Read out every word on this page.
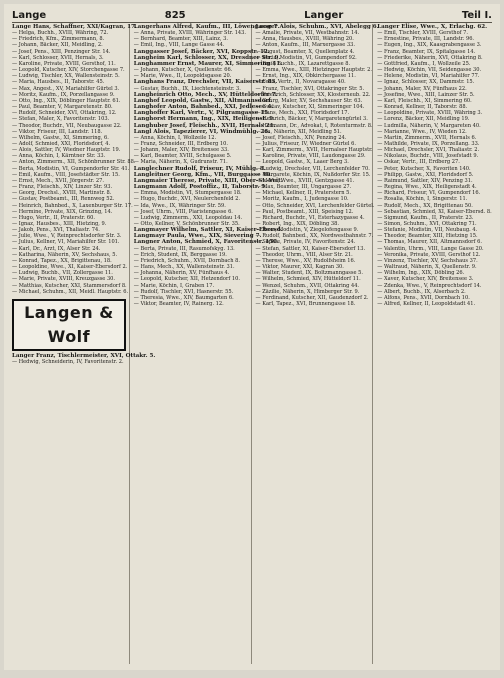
Lange	825	Langer	Teil I.
Lange Hans, Schaffner, XXI/Kagran, 17.
— Helga, Buchh., XVIII, Währing, 72.
— Friedrich, Kfm., Zimmermann, 8.
— Johann, Bäcker, XII, Meidling, 2.
— Josef, Pens., XIII, Penzinger Str. 14.
— Karl, Schlosser, XVII, Hernals, 3.
— Karoline, Private, XVIII, Gersthof, 11.
— Leopold, Kutscher, XIV, Storchengasse 7.
— Ludwig, Tischler, XX, Wallensteinstr. 5.
— Maria, Hausbes., II, Taborstr. 45.
— Max, Angest., XV, Mariahilfer Gürtel 3.
— Moritz, Kaufm., IX, Porzellangasse 9.
— Otto, Ing., XIX, Döblinger Hauptstr. 61.
— Paul, Beamter, V, Margaretenstr. 80.
— Rudolf, Schneider, XVI, Ottakring, 12.
— Stefan, Maler, X, Favoritenstr. 103.
— Theodor, Buchdr., VII, Neubaugasse 22.
— Viktor, Friseur, III, Landstr. 118.
— Wilhelm, Gastw., XI, Simmering, 6.
— Adolf, Schmied, XXI, Floridsdorf, 4.
— Alois, Sattler, IV, Wiedner Hauptstr. 19.
— Anna, Köchin, I, Kärntner Str. 33.
— Anton, Zimmerm., XII, Schönbrunner Str. 88.
— Berta, Modistin, VI, Gumpendorfer Str. 41.
— Emil, Kaufm., VIII, Josefstädter Str. 15.
— Ernst, Mech., XVII, Jörgerstr. 27.
— Franz, Fleischh., XIV, Linzer Str. 93.
— Georg, Drechsl., XVIII, Martinstr. 8.
— Gustav, Postbeamt., III, Rennweg 52.
— Heinrich, Bahnbed., X, Laxenburger Str. 17.
— Hermine, Private, XIX, Grinzing, 14.
— Hugo, Vertr., II, Praterstr. 60.
— Ignaz, Hausbes., XIII, Hietzing, 9.
— Jakob, Pens., XVI, Thaliastr. 74.
— Julie, Wwe., V, Reinprechtsdorfer Str. 3.
— Julius, Kellner, VI, Mariahilfer Str. 101.
— Karl, Dr., Arzt, IX, Alser Str. 24.
— Katharina, Näherin, XV, Sechshaus, 5.
— Konrad, Tapez., XX, Brigittenau, 18.
— Leopoldine, Wwe., XI, Kaiser-Ebersdorf 2.
— Ludwig, Buchb., VII, Zollergasse 11.
— Marie, Private, XVIII, Kreuzgasse 30.
— Matthias, Kutscher, XXI, Stammersdorf 8.
— Michael, Schuhm., XII, Meidl. Hauptstr. 6.
Langen & Wolf
Langer Franz, Tischlermeister, XVI, Ottakr. 5.
— Hedwig, Schneiderin, IV, Favoritenstr. 2.
Langerhans Alfred, Kaufm., III, Löwengasse 7.
— Anna, Private, XVIII, Währinger Str. 143.
— Bernhard, Beamter, XIII, Lainz, 3.
— Emil, Ing., VIII, Lange Gasse 44.
Langgasser Josef, Bäcker, XVI, Koppstr. 12.
Langheim Karl, Schlosser, XX, Dresdner Str. 9.
Langhammer Ernst, Maurer, XI, Simmering 41.
— Johann, Kutscher, X, Quellenstr. 66.
— Marie, Wwe., II, Leopoldsgasse 20.
Langhans Franz, Drechsler, VII, Kaiserstr. 83.
— Gustav, Buchh., IX, Liechtensteinstr. 3.
Langheinrich Otto, Mech., XV, Hütteldorfer 7.
Langhof Leopold, Gastw., XII, Altmannsdorf.
Langhofer Anton, Bahnbed., XXI, Jedlesee 4.
Langhoffer Karl, Vertr., V, Pilgramgasse 15.
Langhorst Hermann, Ing., XIX, Heiligenst. 9.
Langhuber Josef, Fleischh., XVII, Hernals 21.
Langl Alois, Tapezierer, VI, Windmühlg. 26.
— Anna, Köchin, I, Wollzeile 12.
— Franz, Schneider, III, Erdberg 10.
— Johann, Maler, XIV, Breitensee 33.
— Karl, Beamter, XVIII, Schulgasse 5.
— Maria, Näherin, X, Gudrunstr. 71.
Langlechner Rudolf, Friseur, IV, Mühlg. 8.
Langleitner Georg, Kfm., VII, Burggasse 40.
Langmaier Therese, Private, XIII, Ober-St.-Veit.
Langmann Adolf, Postoffiz., II, Taborstr. 9.
— Emma, Modistin, VI, Stumpergasse 18.
— Hugo, Buchdr., XVI, Neulerchenfeld 2.
— Ida, Wwe., IX, Währinger Str. 59.
— Josef, Uhrm., VIII, Piaristengasse 6.
— Ludwig, Zimmerm., XXI, Leopoldau 14.
— Otto, Kellner, V, Schönbrunner Str. 35.
Langmayer Wilhelm, Sattler, XI, Kaiser-Ebersd.
Langmayr Paula, Wwe., XIX, Sievering 7.
Langner Anton, Schmied, X, Favoritenstr. 150.
— Berta, Private, III, Rasumofskyg. 13.
— Erich, Student, IX, Berggasse 19.
— Friedrich, Schuhm., XVII, Dornbach 8.
— Hans, Mech., XX, Wallensteinstr. 31.
— Johanna, Näherin, XV, Fünfhaus 4.
— Leopold, Kutscher, XII, Hetzendorf 10.
— Marie, Köchin, I, Graben 17.
— Rudolf, Tischler, XVI, Hasnerstr. 55.
— Theresia, Wwe., XIV, Baumgarten 6.
— Viktor, Beamter, IV, Rainerg. 12.
Langer Alois, Schuhm., XVI, Abelegg 6.
— Amalie, Private, VII, Westbahnstr. 14.
— Anna, Hausbes., XVIII, Währing 20.
— Anton, Kaufm., III, Marxergasse 33.
— August, Beamter, X, Quellenplatz 4.
— Berta, Modistin, VI, Gumpendorf 92.
— Emil, Buchh., IX, Lazarettgasse 8.
— Emma, Wwe., XIII, Hietzinger Hauptstr. 2.
— Ernst, Ing., XIX, Obkirchergasse 11.
— Felix, Vertr., II, Novaragasse 40.
— Franz, Tischler, XVI, Ottakringer Str. 5.
— Friedrich, Schlosser, XX, Klosterneub. 22.
— Georg, Maler, XV, Sechshauser Str. 63.
— Gustav, Kutscher, XI, Simmeringer 104.
— Hans, Mech., XXI, Floridsdorf 17.
— Heinrich, Bäcker, V, Margaretengürtel 3.
— Hermann, Dr., Advokat, I, Rotenturmstr. 8.
— Ida, Näherin, XII, Meidling 51.
— Josef, Fleischh., XIV, Penzing 24.
— Julius, Friseur, IV, Wiedner Gürtel 6.
— Karl, Zimmerm., XVII, Hernalser Hauptstr.
— Karoline, Private, VIII, Laudongasse 29.
— Leopold, Gastw., X, Laaer Berg 3.
— Ludwig, Drechsler, VII, Lerchenfelder 70.
— Margarete, Köchin, IX, Nußdorfer Str. 15.
— Maria, Wwe., XVIII, Gentzgasse 41.
— Max, Beamter, III, Ungargasse 27.
— Michael, Kellner, II, Praterstern 5.
— Moritz, Kaufm., I, Judengasse 10.
— Otto, Schneider, XVI, Lerchenfelder Gürtel.
— Paul, Postbeamt., XIII, Speising 12.
— Richard, Buchdr., VI, Esterhazygasse 4.
— Robert, Ing., XIX, Döbling 38.
— Rosa, Modistin, V, Ziegelofengasse 9.
— Rudolf, Bahnbed., XX, Nordwestbahnstr. 7.
— Sophie, Private, IV, Favoritenstr. 24.
— Stefan, Sattler, XI, Kaiser-Ebersdorf 13.
— Theodor, Uhrm., VIII, Alser Str. 21.
— Therese, Wwe., XV, Rudolfsheim 16.
— Viktor, Maurer, XXI, Kagran 30.
— Walter, Student, IX, Boltzmanngasse 5.
— Wilhelm, Schmied, XIV, Hütteldorf 11.
— Wenzel, Schuhm., XVII, Ottakring 44.
— Zäzilie, Näherin, X, Himberger Str. 9.
— Ferdinand, Kutscher, XII, Gaudenzdorf 2.
— Karl, Tapez., XVI, Brunnengasse 18.
Langer Elise, Wwe., X, Erlachg. 62.
— Emil, Tischler, XVIII, Gersthof 7.
— Ernestine, Private, III, Landstr. 96.
— Eugen, Ing., XIX, Kaasgrabengasse 3.
— Franz, Beamter, IX, Spitalgasse 14.
— Friederike, Näherin, XVI, Ottakring 8.
— Gottfried, Kaufm., I, Wollzeile 25.
— Hedwig, Köchin, VII, Seidengasse 30.
— Helene, Modistin, VI, Mariahilfer 77.
— Ignaz, Schlosser, XX, Dammstr. 15.
— Johann, Maler, XV, Fünfhaus 22.
— Josefine, Wwe., XIII, Lainzer Str. 5.
— Karl, Fleischh., XI, Simmering 60.
— Konrad, Kellner, II, Taborstr. 88.
— Leopoldine, Private, XVIII, Währing 3.
— Lorenz, Bäcker, XII, Meidling 19.
— Ludmilla, Näherin, V, Margareten 40.
— Marianne, Wwe., IV, Wieden 12.
— Martin, Zimmerm., XVII, Hernals 6.
— Mathilde, Private, IX, Porzellang. 33.
— Michael, Drechsler, XVI, Thaliastr. 2.
— Nikolaus, Buchdr., VIII, Josefstadt 9.
— Oskar, Vertr., III, Erdberg 27.
— Peter, Kutscher, X, Favoriten 140.
— Philipp, Gastw., XXI, Floridsdorf 5.
— Raimund, Sattler, XIV, Penzing 31.
— Regina, Wwe., XIX, Heiligenstadt 4.
— Richard, Friseur, VI, Gumpendorf 16.
— Rosalia, Köchin, I, Singerstr. 11.
— Rudolf, Mech., XX, Brigittenau 50.
— Sebastian, Schmied, XI, Kaiser-Ebersd. 8.
— Sigmund, Kaufm., II, Praterstr. 23.
— Simon, Schuhm., XVI, Ottakring 71.
— Stefanie, Modistin, VII, Neubaug. 4.
— Theodor, Beamter, XIII, Hietzing 15.
— Thomas, Maurer, XII, Altmannsdorf 6.
— Valentin, Uhrm., VIII, Lange Gasse 20.
— Veronika, Private, XVIII, Gersthof 12.
— Vinzenz, Tischler, XV, Sechshaus 37.
— Waltraud, Näherin, X, Quellenstr. 9.
— Wilhelm, Ing., XIX, Döbling 26.
— Xaver, Kutscher, XIV, Breitensee 3.
— Zdenka, Wwe., V, Reinprechtsdorf 14.
— Albert, Buchb., IX, Alserbach 2.
— Alfons, Pens., XVII, Dornbach 10.
— Alfred, Kellner, II, Leopoldstadt 41.
